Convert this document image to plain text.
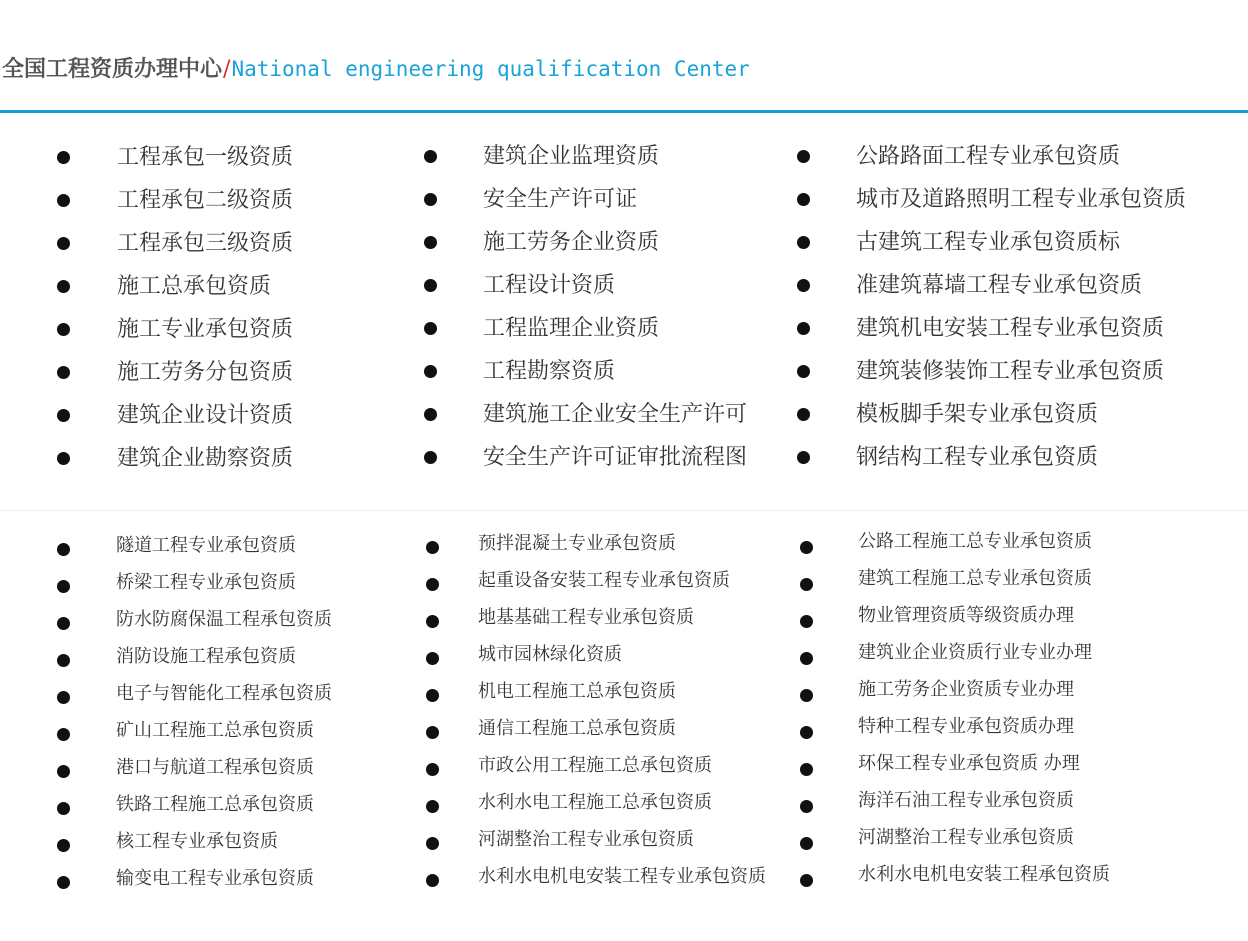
全国工程资质办理中心/National engineering qualification Center
工程承包一级资质
工程承包二级资质
工程承包三级资质
施工总承包资质
施工专业承包资质
施工劳务分包资质
建筑企业设计资质
建筑企业勘察资质
建筑企业监理资质
安全生产许可证
施工劳务企业资质
工程设计资质
工程监理企业资质
工程勘察资质
建筑施工企业安全生产许可
安全生产许可证审批流程图
公路路面工程专业承包资质
城市及道路照明工程专业承包资质
古建筑工程专业承包资质标
准建筑幕墙工程专业承包资质
建筑机电安装工程专业承包资质
建筑装修装饰工程专业承包资质
模板脚手架专业承包资质
钢结构工程专业承包资质
隧道工程专业承包资质
桥梁工程专业承包资质
防水防腐保温工程承包资质
消防设施工程承包资质
电子与智能化工程承包资质
矿山工程施工总承包资质
港口与航道工程承包资质
铁路工程施工总承包资质
核工程专业承包资质
输变电工程专业承包资质
预拌混凝土专业承包资质
起重设备安装工程专业承包资质
地基基础工程专业承包资质
城市园林绿化资质
机电工程施工总承包资质
通信工程施工总承包资质
市政公用工程施工总承包资质
水利水电工程施工总承包资质
河湖整治工程专业承包资质
水利水电机电安装工程专业承包资质
公路工程施工总专业承包资质
建筑工程施工总专业承包资质
物业管理资质等级资质办理
建筑业企业资质行业专业办理
施工劳务企业资质专业办理
特种工程专业承包资质办理
环保工程专业承包资质 办理
海洋石油工程专业承包资质
河湖整治工程专业承包资质
水利水电机电安装工程承包资质
